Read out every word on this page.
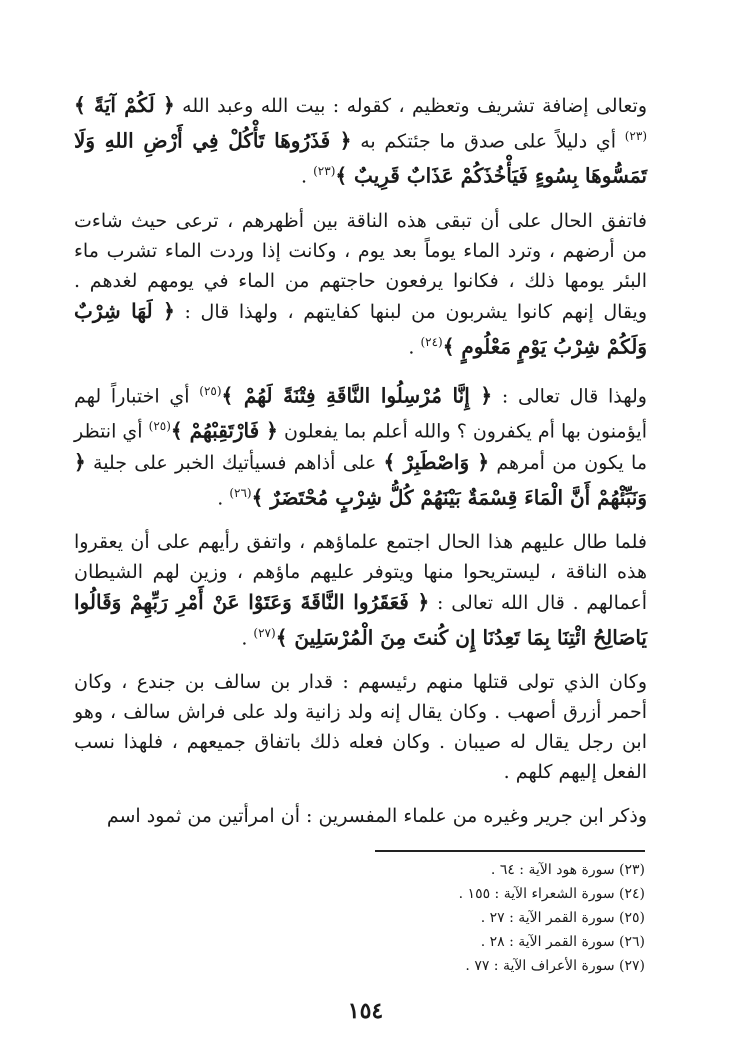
وتعالى إضافة تشريف وتعظيم ، كقوله : بيت الله وعبد الله ﴿ لَكُمْ آيَةً ﴾$^{(٢٣)}$ أي دليلاً على صدق ما جئتكم به ﴿ فَذَرُوهَا تَأْكُلْ فِي أَرْضِ اللهِ وَلَا تَمَسُّوهَا بِسُوءٍ فَيَأْخُذَكُمْ عَذَابٌ قَرِيبٌ ﴾$^{(٢٣)}$ .

فاتفق الحال على أن تبقى هذه الناقة بين أظهرهم ، ترعى حيث شاءت من أرضهم ، وترد الماء يوماً بعد يوم ، وكانت إذا وردت الماء تشرب ماء البئر يومها ذلك ، فكانوا يرفعون حاجتهم من الماء في يومهم لغدهم . ويقال إنهم كانوا يشربون من لبنها كفايتهم ، ولهذا قال : ﴿ لَهَا شِرْبٌ وَلَكُمْ شِرْبُ يَوْمٍ مَعْلُومٍ ﴾$^{(٢٤)}$ .

ولهذا قال تعالى : ﴿ إِنَّا مُرْسِلُوا النَّاقَةِ فِتْنَةً لَهُمْ ﴾$^{(٢٥)}$ أي اختباراً لهم أيؤمنون بها أم يكفرون ؟ والله أعلم بما يفعلون ﴿ فَارْتَقِبْهُمْ ﴾$^{(٢٥)}$ أي انتظر ما يكون من أمرهم ﴿ وَاصْطَبِرْ ﴾ على أذاهم فسيأتيك الخبر على جلية ﴿ وَنَبِّئْهُمْ أَنَّ الْمَاءَ قِسْمَةٌ بَيْنَهُمْ كُلُّ شِرْبٍ مُحْتَضَرٌ ﴾$^{(٢٦)}$ .

فلما طال عليهم هذا الحال اجتمع علماؤهم ، واتفق رأيهم على أن يعقروا هذه الناقة ، ليستريحوا منها ويتوفر عليهم ماؤهم ، وزين لهم الشيطان أعمالهم . قال الله تعالى : ﴿ فَعَقَرُوا النَّاقَةَ وَعَتَوْا عَنْ أَمْرِ رَبِّهِمْ وَقَالُوا يَاصَالِحُ ائْتِنَا بِمَا تَعِدُنَا إِن كُنتَ مِنَ الْمُرْسَلِينَ ﴾$^{(٢٧)}$ .

وكان الذي تولى قتلها منهم رئيسهم : قدار بن سالف بن جندع ، وكان أحمر أزرق أصهب . وكان يقال إنه ولد زانية ولد على فراش سالف ، وهو ابن رجل يقال له صيبان . وكان فعله ذلك باتفاق جميعهم ، فلهذا نسب الفعل إليهم كلهم .

وذكر ابن جرير وغيره من علماء المفسرين : أن امرأتين من ثمود اسم

(٢٣) سورة هود الآية : ٦٤ .
(٢٤) سورة الشعراء الآية : ١٥٥ .
(٢٥) سورة القمر الآية : ٢٧ .
(٢٦) سورة القمر الآية : ٢٨ .
(٢٧) سورة الأعراف الآية : ٧٧ .
١٥٤
